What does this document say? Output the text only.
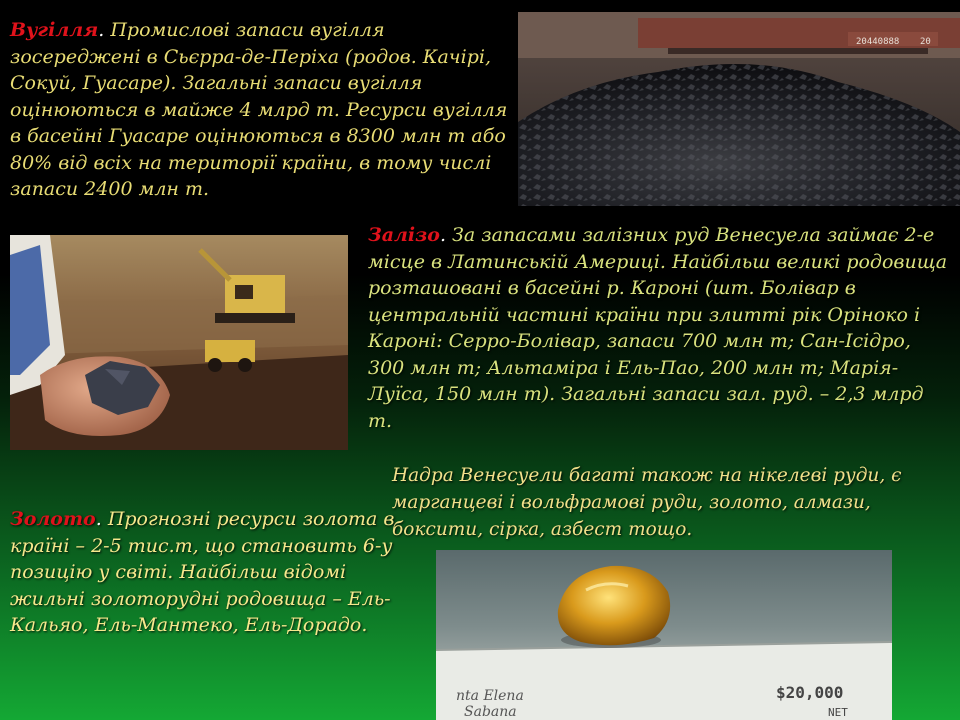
Вугілля. Промислові запаси вугілля зосереджені в Сьєрра-де-Періха (родов. Качірі, Сокуй, Гуасаре). Загальні запаси вугілля оцінюються в майже 4 млрд т. Ресурси вугілля в басейні Гуасаре оцінюються в 8300 млн т або 80% від всіх на території країни, в тому числі запаси 2400 млн т.
20440888 20
Залізо. За запасами залізних руд Венесуела займає 2-е місце в Латинській Америці. Найбільш великі родовища розташовані в басейні р. Кароні (шт. Болівар в центральній частині країни при злитті рік Оріноко і Кароні: Серро-Болівар, запаси 700 млн т; Сан-Ісідро, 300 млн т; Альтаміра і Ель-Пао, 200 млн т; Марія-Луїса, 150 млн т). Загальні запаси зал. руд. – 2,3 млрд т.
Надра Венесуели багаті також на нікелеві руди, є марганцеві і вольфрамові руди, золото, алмази, боксити, сірка, азбест тощо.
Золото. Прогнозні ресурси золота в країні – 2-5 тис.т, що становить 6-у позицію у світі. Найбільш відомі жильні золоторудні родовища – Ель-Кальяо, Ель-Мантеко, Ель-Дорадо.
nta Elena
Sabana
$20,000
NET
